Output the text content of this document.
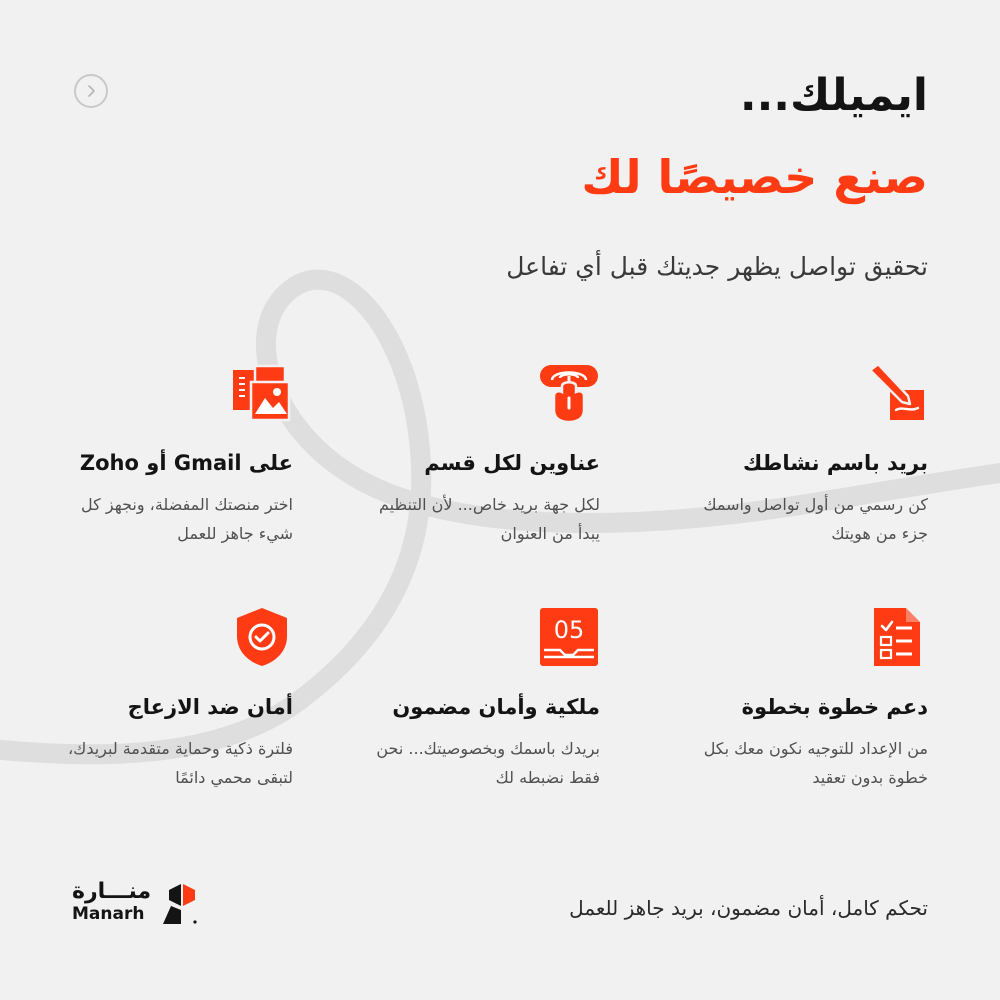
ايميلك...
صنع خصيصًا لك

تحقيق تواصل يظهر جديتك قبل أي تفاعل

بريد باسم نشاطك

كن رسمي من أول تواصل واسمك جزء من هويتك

عناوين لكل قسم

لكل جهة بريد خاص... لأن التنظيم يبدأ من العنوان

على Gmail أو Zoho

اختر منصتك المفضلة، ونجهز كل شيء جاهز للعمل

دعم خطوة بخطوة

من الإعداد للتوجيه نكون معك بكل خطوة بدون تعقيد

05
ملكية وأمان مضمون

بريدك باسمك وبخصوصيتك... نحن فقط نضبطه لك

أمان ضد الازعاج

فلترة ذكية وحماية متقدمة لبريدك، لتبقى محمي دائمًا

تحكم كامل، أمان مضمون، بريد جاهز للعمل

منـــارة
Manarh
